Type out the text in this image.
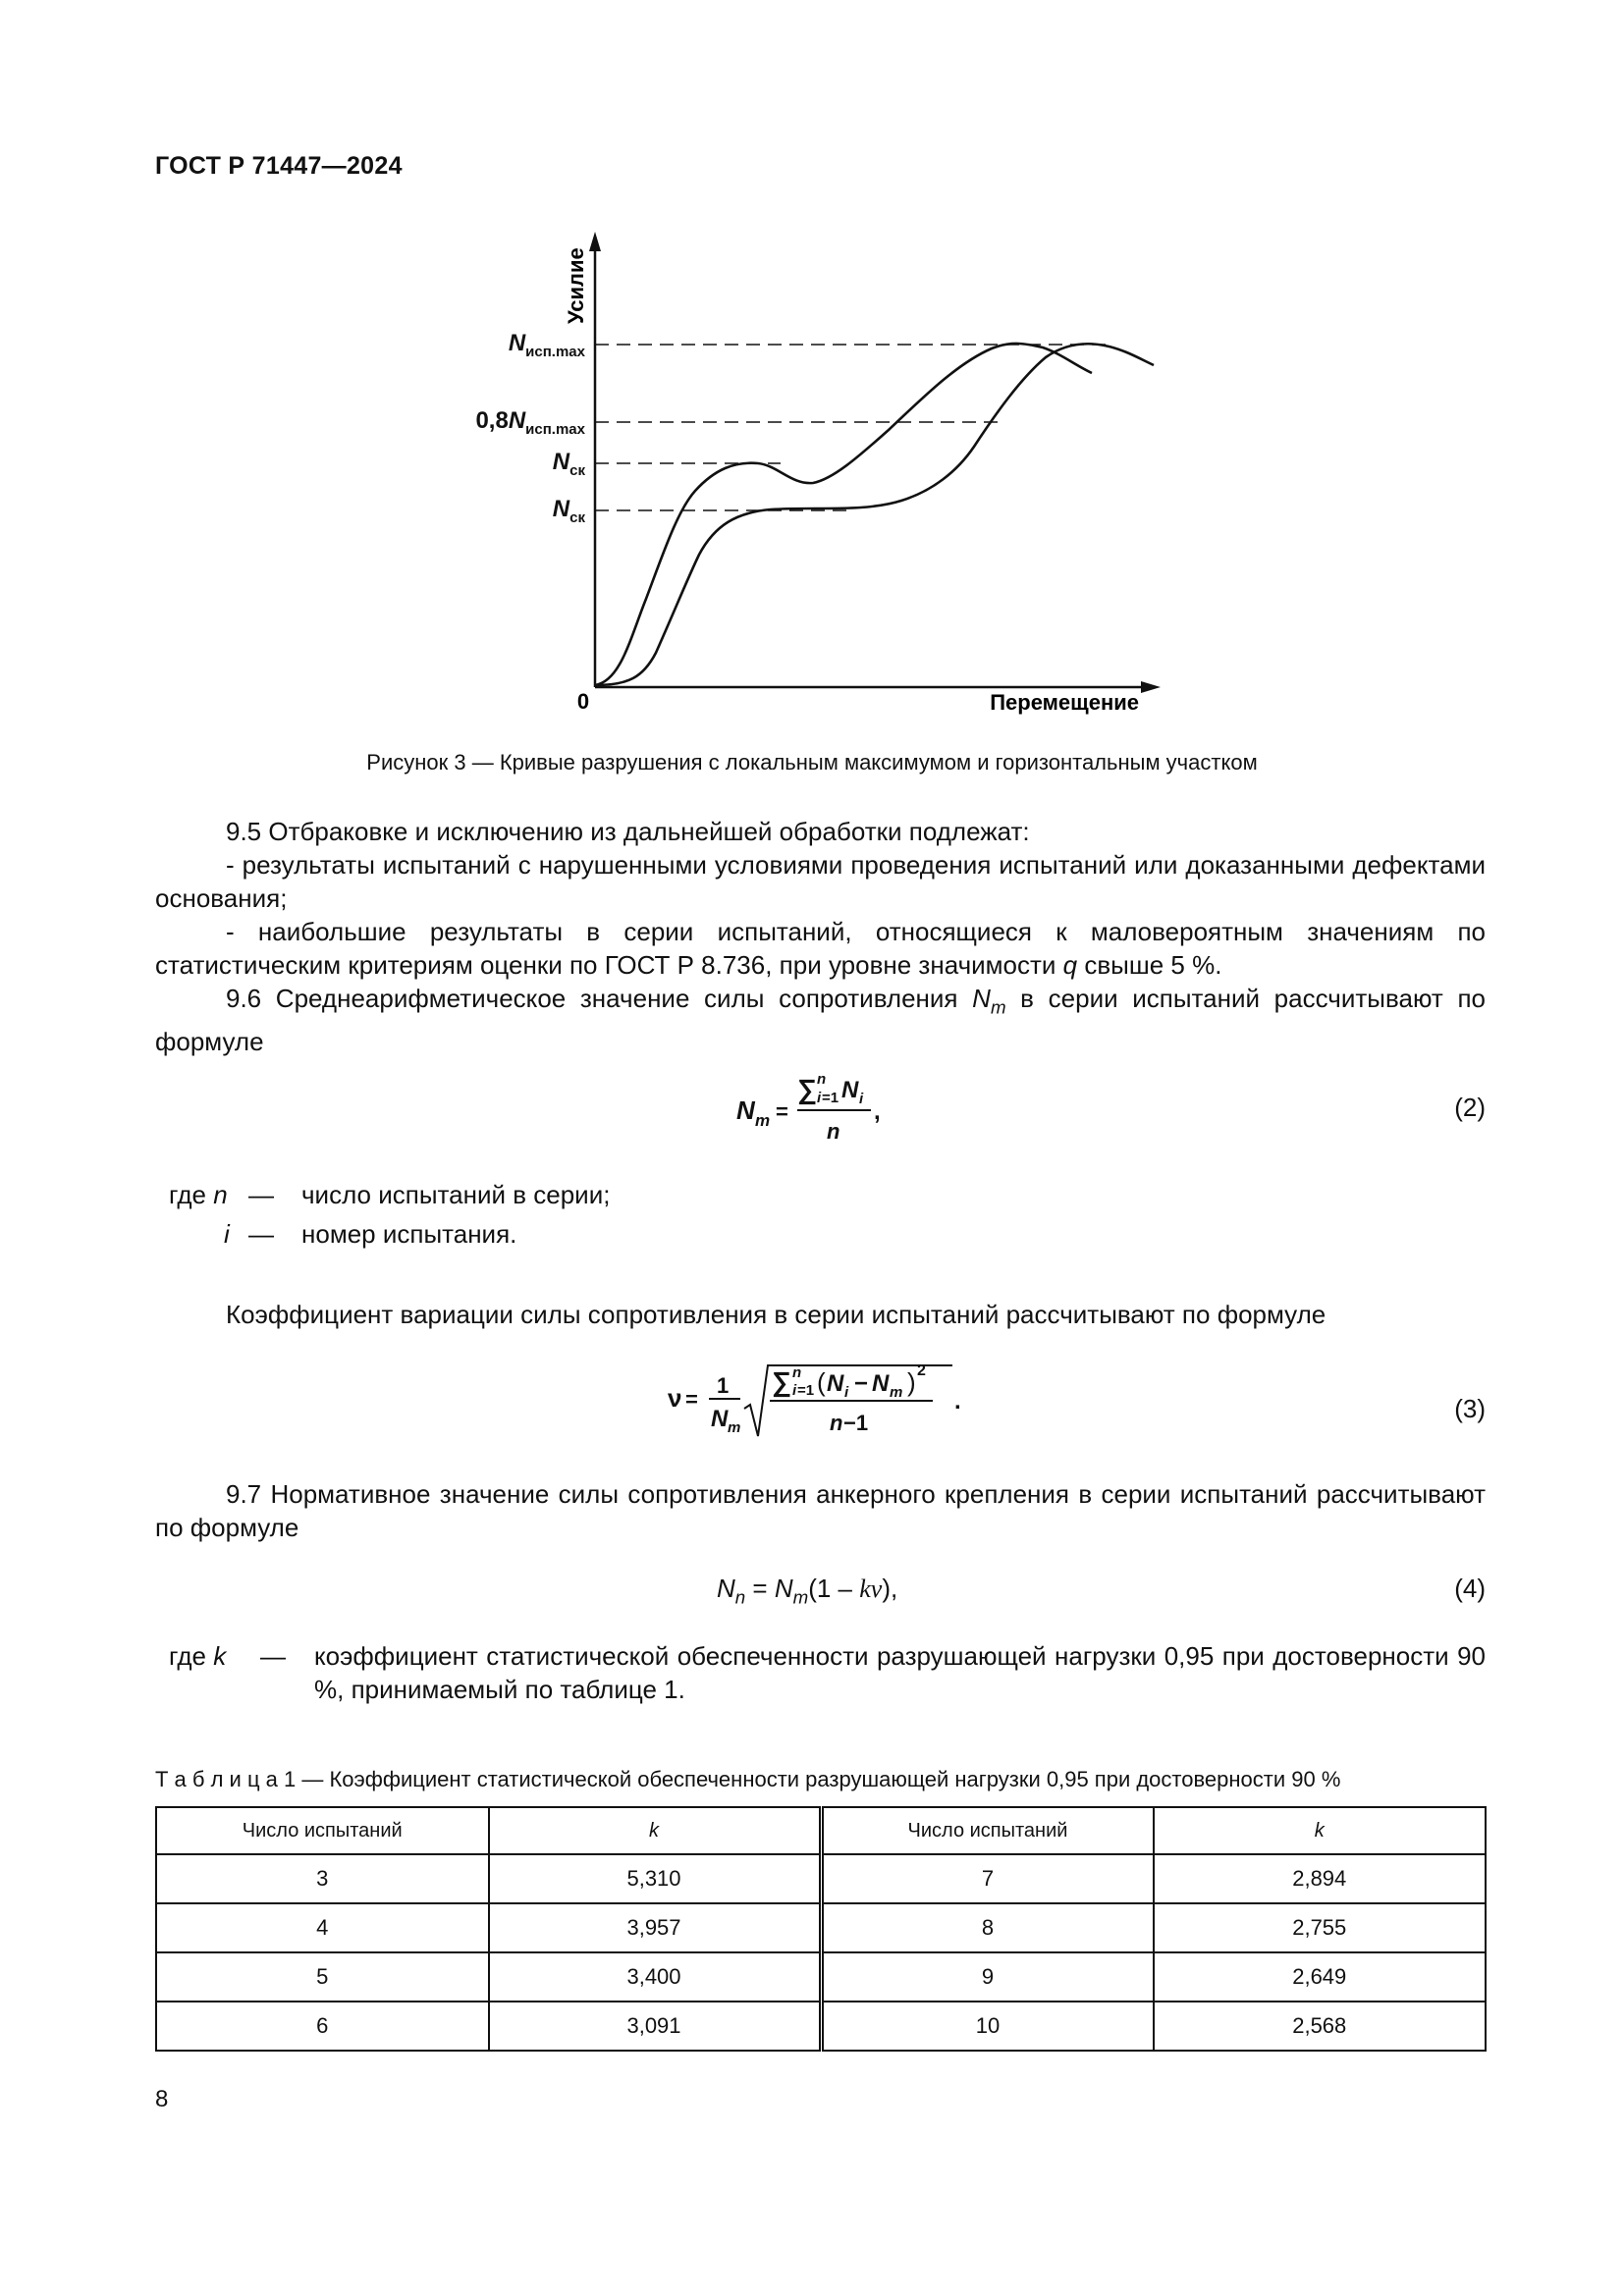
ГОСТ Р 71447—2024
Усилие
Перемещение
0
$N_{исп.max}$
$0,8N_{исп.max}$
$N_{ск}$
$N_{ск}$
Рисунок 3 — Кривые разрушения с локальным максимумом и горизонтальным участком
9.5 Отбраковке и исключению из дальнейшей обработки подлежат:
- результаты испытаний с нарушенными условиями проведения испытаний или доказанными дефектами основания;
- наибольшие результаты в серии испытаний, относящиеся к маловероятным значениям по статистическим критериям оценки по ГОСТ Р 8.736, при уровне значимости q свыше 5 %.
9.6 Среднеарифметическое значение силы сопротивления $N_m$ в серии испытаний рассчитывают по формуле
N m =
∑ n
i =1 N i
n
,	(2)
где n — число испытаний в серии;
i — номер испытания.
Коэффициент вариации силы сопротивления в серии испытаний рассчитывают по формуле
ν =
1
N m
∑ n
i =1 ( N i − N m ) 2
n −1
.	(3)
9.7 Нормативное значение силы сопротивления анкерного крепления в серии испытаний рассчитывают по формуле
$N_n = N_m(1 - kv)$,	(4)
где k — коэффициент статистической обеспеченности разрушающей нагрузки 0,95 при достоверности 90 %, принимаемый по таблице 1.
Т а б л и ц а 1 — Коэффициент статистической обеспеченности разрушающей нагрузки 0,95 при достоверности 90 %
Число испытаний	k	Число испытаний	k
3	5,310	7	2,894
4	3,957	8	2,755
5	3,400	9	2,649
6	3,091	10	2,568
8
